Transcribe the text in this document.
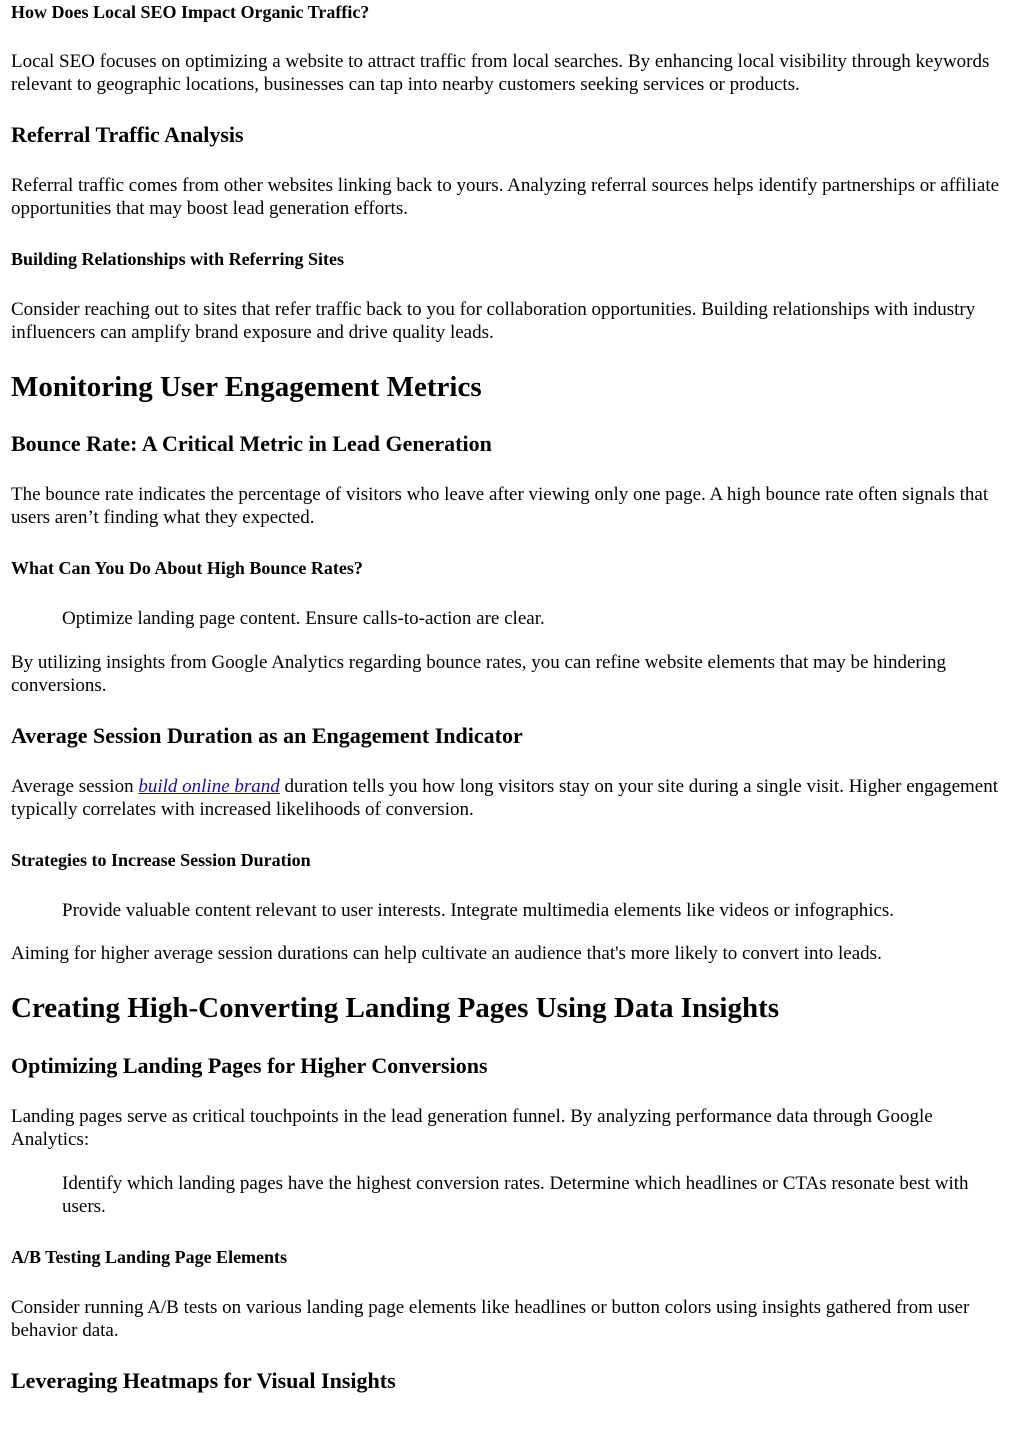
How Does Local SEO Impact Organic Traffic?

Local SEO focuses on optimizing a website to attract traffic from local searches. By enhancing local visibility through keywords relevant to geographic locations, businesses can tap into nearby customers seeking services or products.

Referral Traffic Analysis

Referral traffic comes from other websites linking back to yours. Analyzing referral sources helps identify partnerships or affiliate opportunities that may boost lead generation efforts.

Building Relationships with Referring Sites

Consider reaching out to sites that refer traffic back to you for collaboration opportunities. Building relationships with industry influencers can amplify brand exposure and drive quality leads.

Monitoring User Engagement Metrics
Bounce Rate: A Critical Metric in Lead Generation

The bounce rate indicates the percentage of visitors who leave after viewing only one page. A high bounce rate often signals that users aren’t finding what they expected.

What Can You Do About High Bounce Rates?

Optimize landing page content. Ensure calls-to-action are clear.

By utilizing insights from Google Analytics regarding bounce rates, you can refine website elements that may be hindering conversions.

Average Session Duration as an Engagement Indicator

Average session build online brand duration tells you how long visitors stay on your site during a single visit. Higher engagement typically correlates with increased likelihoods of conversion.

Strategies to Increase Session Duration

Provide valuable content relevant to user interests. Integrate multimedia elements like videos or infographics.

Aiming for higher average session durations can help cultivate an audience that's more likely to convert into leads.

Creating High-Converting Landing Pages Using Data Insights
Optimizing Landing Pages for Higher Conversions

Landing pages serve as critical touchpoints in the lead generation funnel. By analyzing performance data through Google Analytics:

Identify which landing pages have the highest conversion rates. Determine which headlines or CTAs resonate best with users.

A/B Testing Landing Page Elements

Consider running A/B tests on various landing page elements like headlines or button colors using insights gathered from user behavior data.

Leveraging Heatmaps for Visual Insights
